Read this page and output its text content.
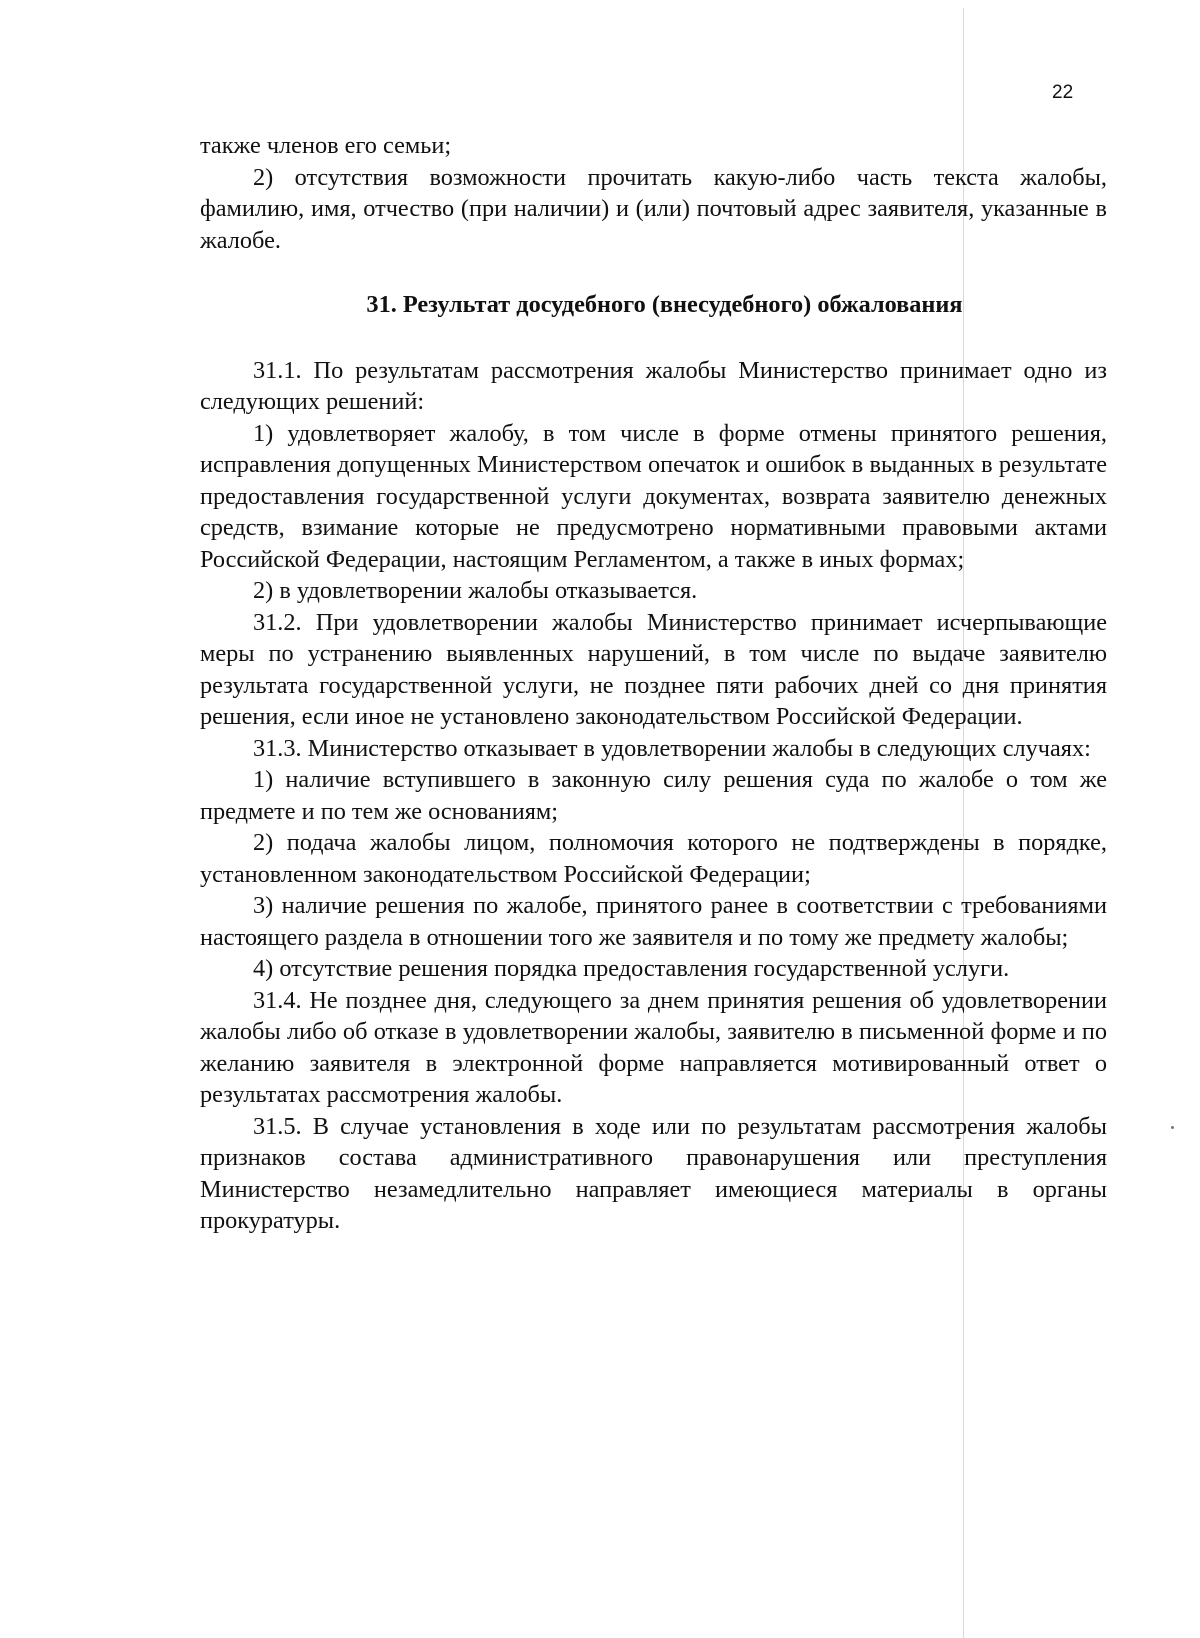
22

также членов его семьи;

2) отсутствия возможности прочитать какую-либо часть текста жалобы, фамилию, имя, отчество (при наличии) и (или) почтовый адрес заявителя, указанные в жалобе.

31. Результат досудебного (внесудебного) обжалования

31.1. По результатам рассмотрения жалобы Министерство принимает одно из следующих решений:

1) удовлетворяет жалобу, в том числе в форме отмены принятого решения, исправления допущенных Министерством опечаток и ошибок в выданных в результате предоставления государственной услуги документах, возврата заявителю денежных средств, взимание которые не предусмотрено нормативными правовыми актами Российской Федерации, настоящим Регламентом, а также в иных формах;

2) в удовлетворении жалобы отказывается.

31.2. При удовлетворении жалобы Министерство принимает исчерпывающие меры по устранению выявленных нарушений, в том числе по выдаче заявителю результата государственной услуги, не позднее пяти рабочих дней со дня принятия решения, если иное не установлено законодательством Российской Федерации.

31.3. Министерство отказывает в удовлетворении жалобы в следующих случаях:

1) наличие вступившего в законную силу решения суда по жалобе о том же предмете и по тем же основаниям;

2) подача жалобы лицом, полномочия которого не подтверждены в порядке, установленном законодательством Российской Федерации;

3) наличие решения по жалобе, принятого ранее в соответствии с требованиями настоящего раздела в отношении того же заявителя и по тому же предмету жалобы;

4) отсутствие решения порядка предоставления государственной услуги.

31.4. Не позднее дня, следующего за днем принятия решения об удовлетворении жалобы либо об отказе в удовлетворении жалобы, заявителю в письменной форме и по желанию заявителя в электронной форме направляется мотивированный ответ о результатах рассмотрения жалобы.

31.5. В случае установления в ходе или по результатам рассмотрения жалобы признаков состава административного правонарушения или преступления Министерство незамедлительно направляет имеющиеся материалы в органы прокуратуры.
